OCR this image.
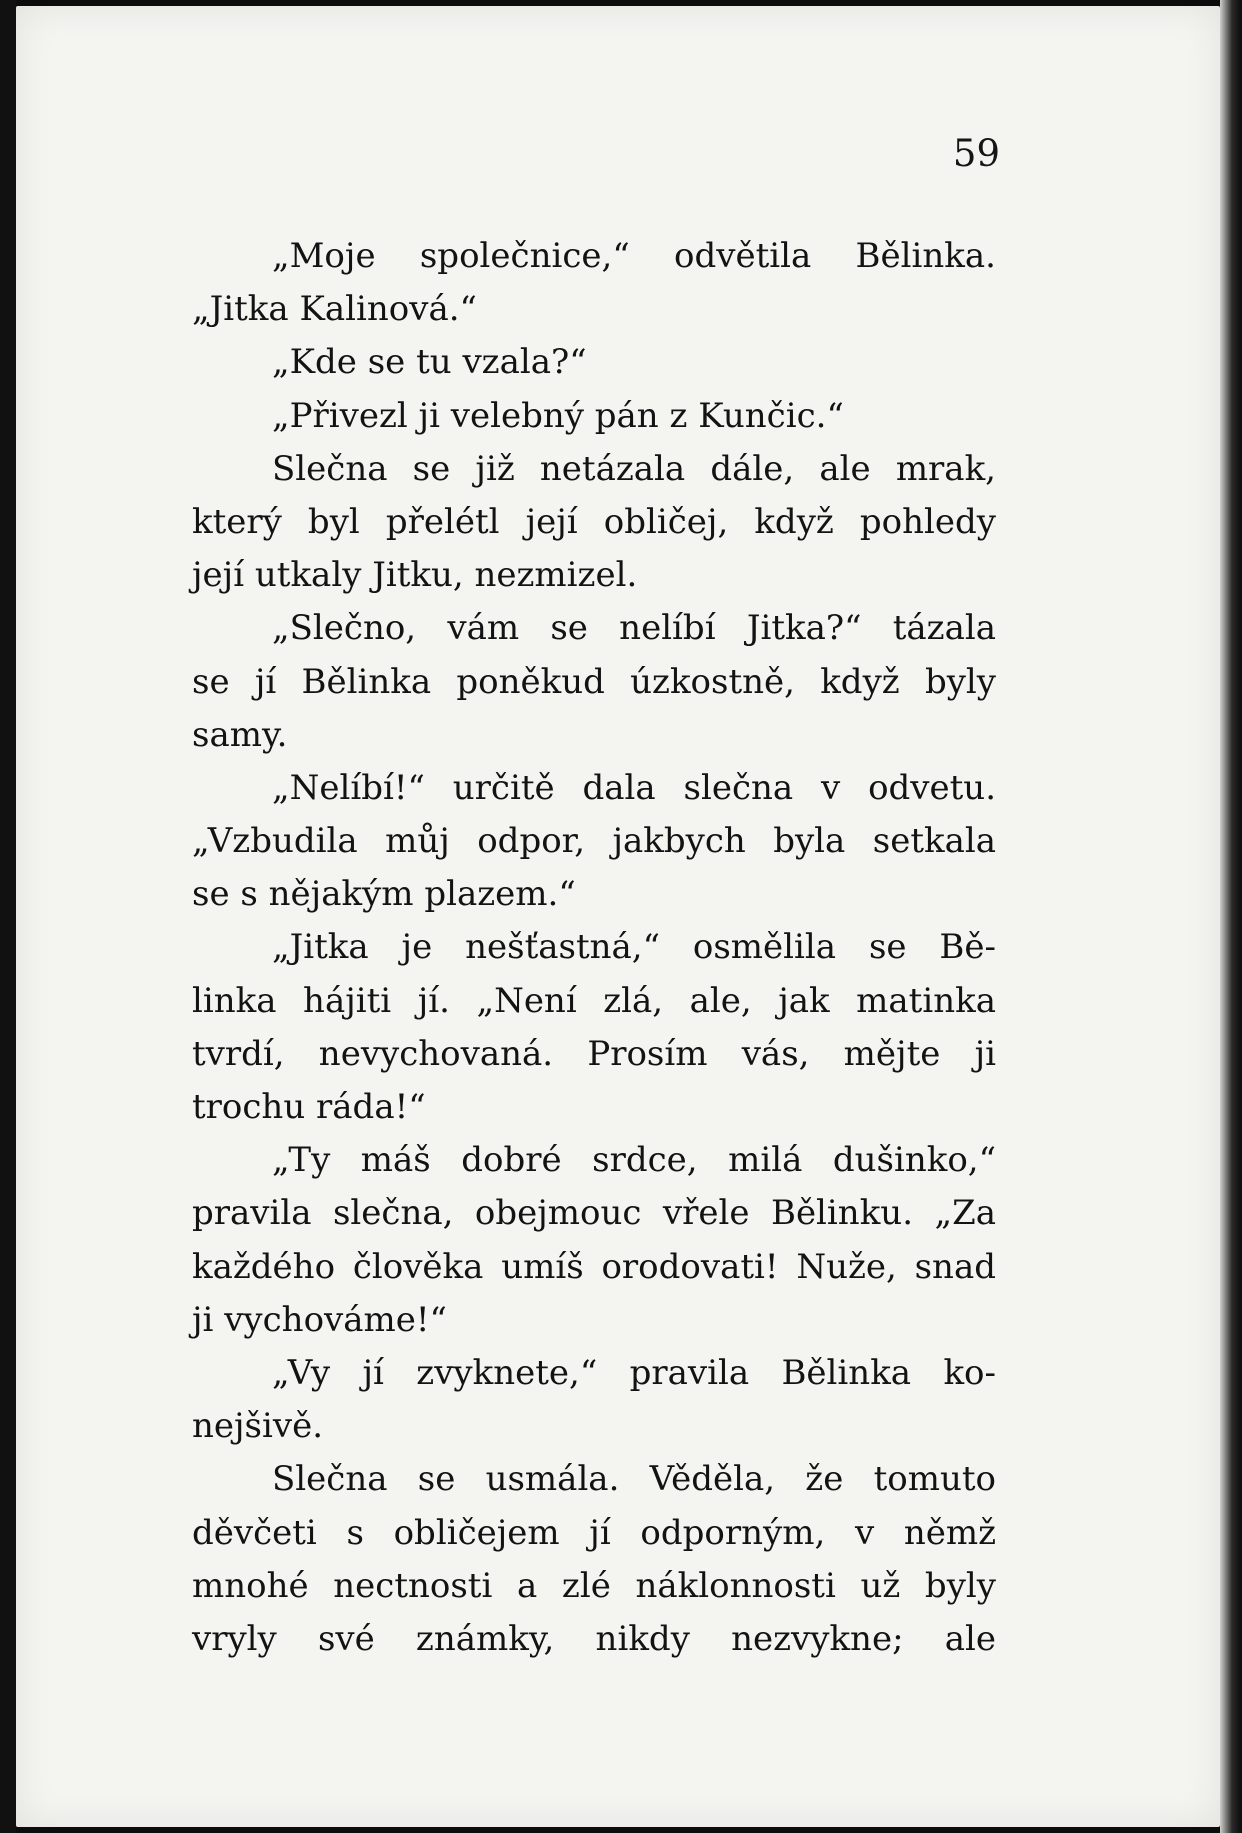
59

„Moje společnice,“ odvětila Bělinka.
„Jitka Kalinová.“
„Kde se tu vzala?“
„Přivezl ji velebný pán z Kunčic.“
Slečna se již netázala dále, ale mrak,
který byl přelétl její obličej, když pohledy
její utkaly Jitku, nezmizel.
„Slečno, vám se nelíbí Jitka?“ tázala
se jí Bělinka poněkud úzkostně, když byly
samy.
„Nelíbí!“ určitě dala slečna v odvetu.
„Vzbudila můj odpor, jakbych byla setkala
se s nějakým plazem.“
„Jitka je nešťastná,“ osmělila se Bě-
linka hájiti jí. „Není zlá, ale, jak matinka
tvrdí, nevychovaná. Prosím vás, mějte ji
trochu ráda!“
„Ty máš dobré srdce, milá dušinko,“
pravila slečna, obejmouc vřele Bělinku. „Za
každého člověka umíš orodovati! Nuže, snad
ji vychováme!“
„Vy jí zvyknete,“ pravila Bělinka ko-
nejšivě.
Slečna se usmála. Věděla, že tomuto
děvčeti s obličejem jí odporným, v němž
mnohé nectnosti a zlé náklonnosti už byly
vryly své známky, nikdy nezvykne; ale
